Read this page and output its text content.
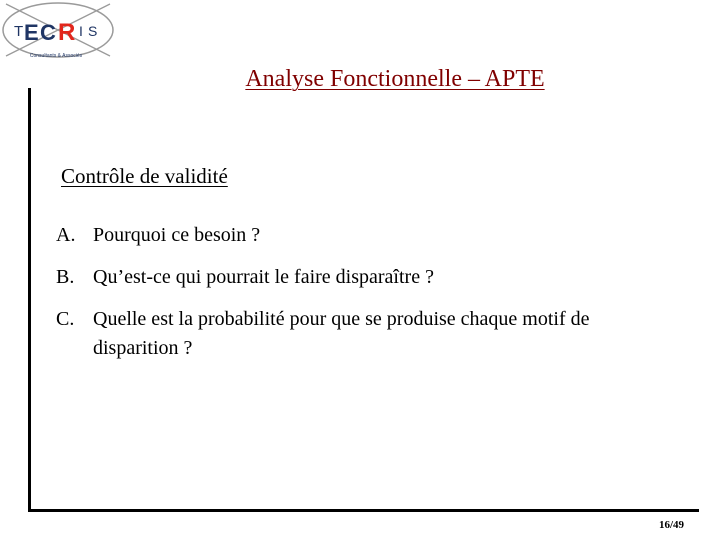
T E C R I S
Consultants & Associés
Analyse Fonctionnelle – APTE
Contrôle de validité
A. Pourquoi ce besoin ?
B. Qu’est-ce qui pourrait le faire disparaître ?
C. Quelle est la probabilité pour que se produise chaque motif de disparition ?
16/49
